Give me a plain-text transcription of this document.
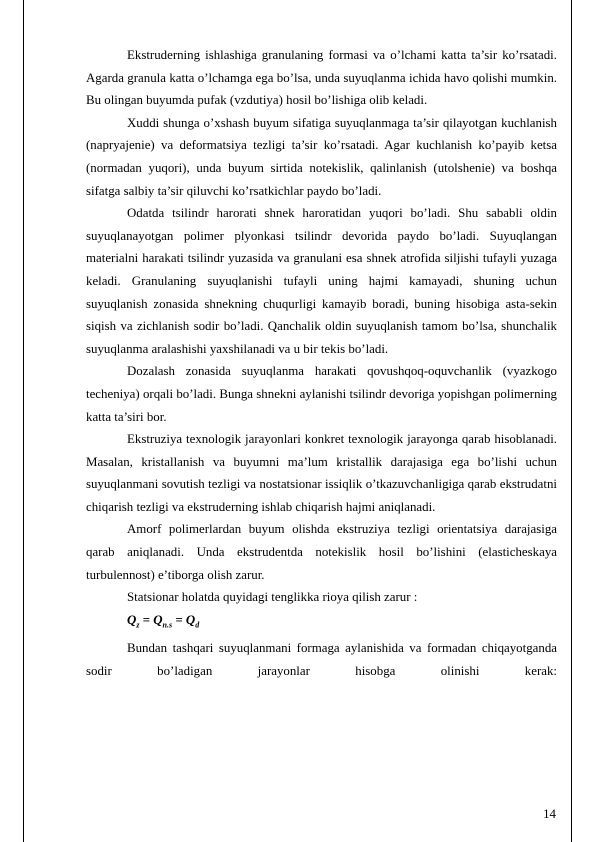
Ekstruderning ishlashiga granulaning formasi va o’lchami katta ta’sir ko’rsatadi. Agarda granula katta o’lchamga ega bo’lsa, unda suyuqlanma ichida havo qolishi mumkin. Bu olingan buyumda pufak (vzdutiya) hosil bo’lishiga olib keladi.

Xuddi shunga o’xshash buyum sifatiga suyuqlanmaga ta’sir qilayotgan kuchlanish (napryajenie) va deformatsiya tezligi ta’sir ko’rsatadi. Agar kuchlanish ko’payib ketsa (normadan yuqori), unda buyum sirtida notekislik, qalinlanish (utolshenie) va boshqa sifatga salbiy ta’sir qiluvchi ko’rsatkichlar paydo bo’ladi.

Odatda tsilindr harorati shnek haroratidan yuqori bo’ladi. Shu sababli oldin suyuqlanayotgan polimer plyonkasi tsilindr devorida paydo bo’ladi. Suyuqlangan materialni harakati tsilindr yuzasida va granulani esa shnek atrofida siljishi tufayli yuzaga keladi. Granulaning suyuqlanishi tufayli uning hajmi kamayadi, shuning uchun suyuqlanish zonasida shnekning chuqurligi kamayib boradi, buning hisobiga asta-sekin siqish va zichlanish sodir bo’ladi. Qanchalik oldin suyuqlanish tamom bo’lsa, shunchalik suyuqlanma aralashishi yaxshilanadi va u bir tekis bo’ladi.

Dozalash zonasida suyuqlanma harakati qovushqoq-oquvchanlik (vyazkogo techeniya) orqali bo’ladi. Bunga shnekni aylanishi tsilindr devoriga yopishgan polimerning katta ta’siri bor.

Ekstruziya texnologik jarayonlari konkret texnologik jarayonga qarab hisoblanadi. Masalan, kristallanish va buyumni ma’lum kristallik darajasiga ega bo’lishi uchun suyuqlanmani sovutish tezligi va nostatsionar issiqlik o’tkazuvchanligiga qarab ekstrudatni chiqarish tezligi va ekstruderning ishlab chiqarish hajmi aniqlanadi.

Amorf polimerlardan buyum olishda ekstruziya tezligi orientatsiya darajasiga qarab aniqlanadi. Unda ekstrudentda notekislik hosil bo’lishini (elasticheskaya turbulennost) e’tiborga olish zarur.

Statsionar holatda quyidagi tenglikka rioya qilish zarur :

$Q_z = Q_{n.s} = Q_d$

Bundan tashqari suyuqlanmani formaga aylanishida va formadan chiqayotganda sodir bo’ladigan jarayonlar hisobga olinishi kerak:

14
